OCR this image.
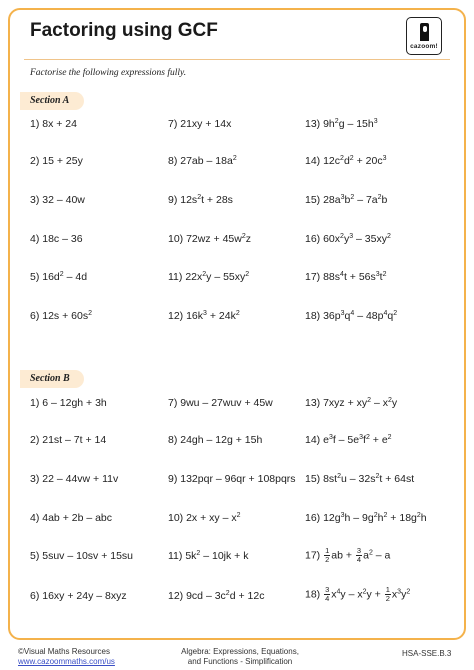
Factoring using GCF
cazoom!
Factorise the following expressions fully.
Section A
1) 8x + 24	7) 21xy + 14x	13) $9h^2g - 15h^3$
2) 15 + 25y	8) $27ab - 18a^2$	14) $12c^2d^2 + 20c^3$
3) 32 – 40w	9) $12s^2t + 28s$	15) $28a^3b^2 - 7a^2b$
4) 18c – 36	10) $72wz + 45w^2z$	16) $60x^2y^3 - 35xy^2$
5) $16d^2 - 4d$	11) $22x^2y - 55xy^2$	17) $88s^4t + 56s^3t^2$
6) $12s + 60s^2$	12) $16k^3 + 24k^2$	18) $36p^3q^4 - 48p^4q^2$
Section B
1) 6 – 12gh + 3h	7) 9wu – 27wuv + 45w	13) $7xyz + xy^2 - x^2y$
2) 21st – 7t + 14	8) 24gh – 12g + 15h	14) $e^3f - 5e^3f^2 + e^2$
3) 22 – 44vw + 11v	9) 132pqr – 96qr + 108pqrs 15) $8st^2u - 32s^2t + 64st$
4) 4ab + 2b – abc	10) 2x + xy – $x^2$	16) $12g^3h - 9g^2h^2 + 18g^2h$
5) 5suv – 10sv + 15su	11) $5k^2 - 10jk + k$	$17) \frac{1}{2}$ ab + $\frac{3}{4} a^2$ – a
6) 16xy + 24y – 8xyz	12) $9cd - 3c^2d + 12c$	$18) \frac{3}{4} x^4y - x^2y + \frac{1}{2} x^3y^2$
©Visual Maths Resources
www.cazoommaths.com/us
Algebra: Expressions, Equations,
and Functions - Simplification
HSA-SSE.B.3
